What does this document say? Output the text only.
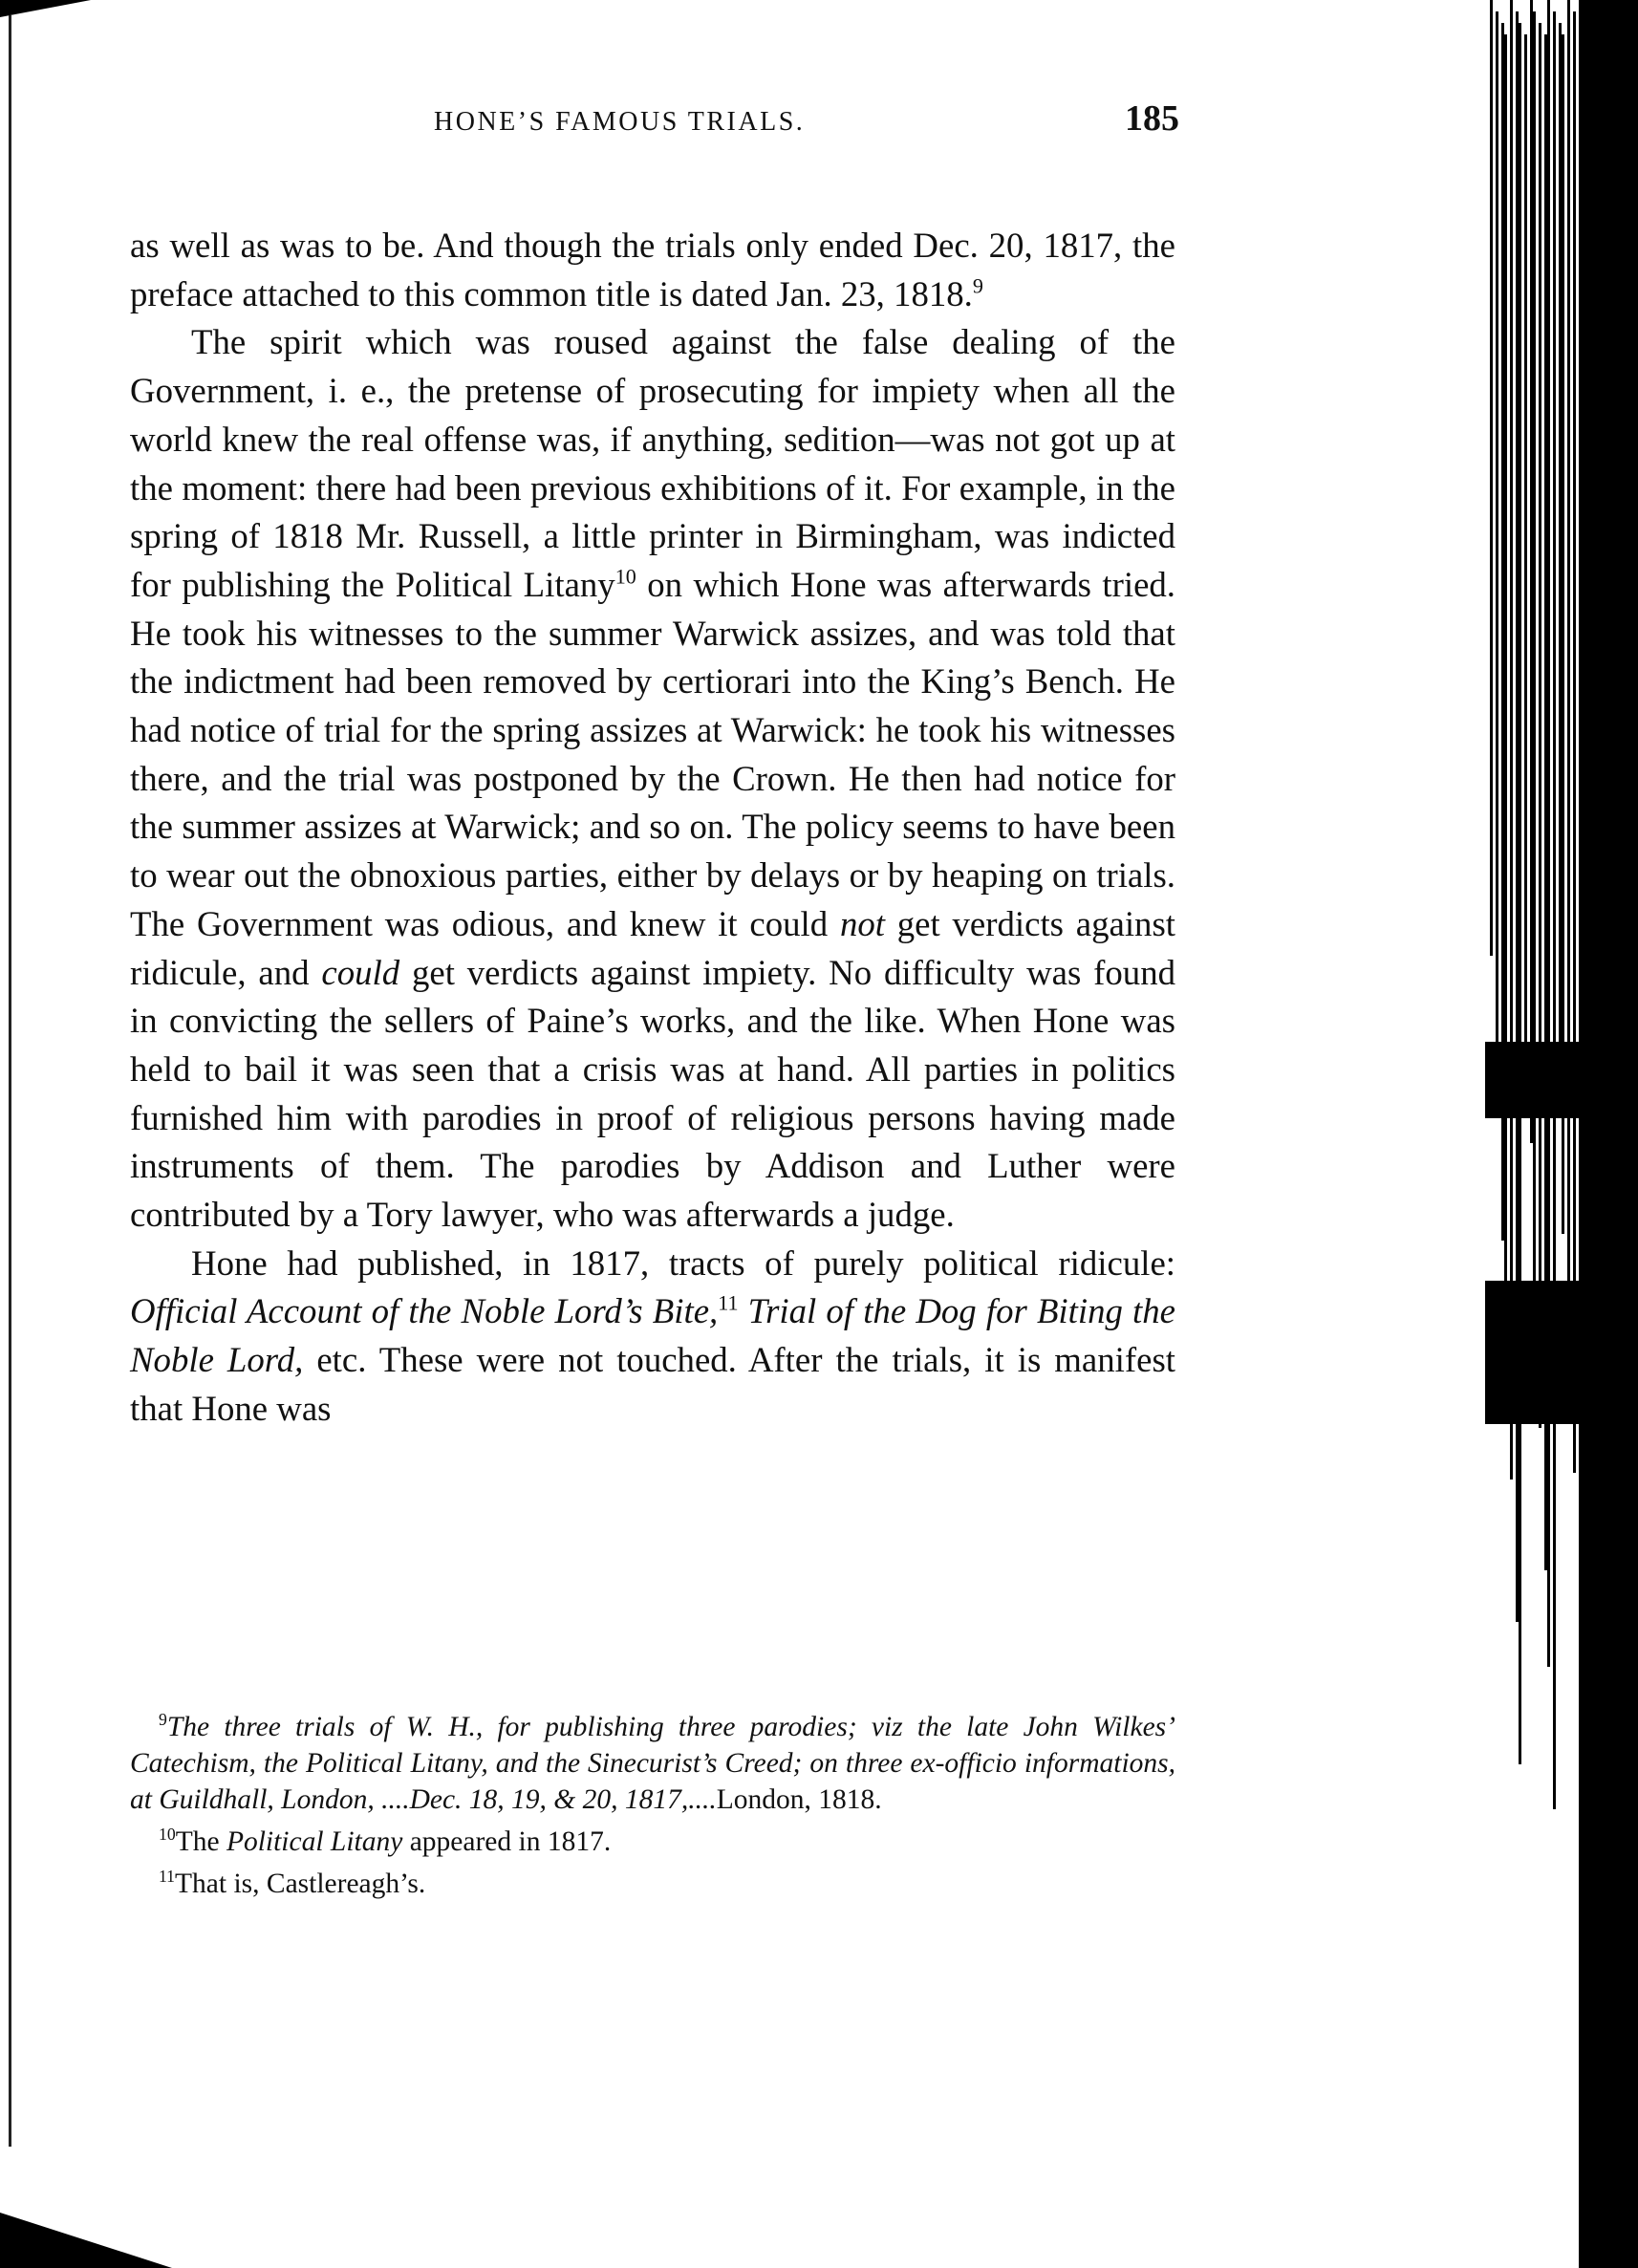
HONE’S FAMOUS TRIALS.	185

as well as was to be. And though the trials only ended Dec. 20, 1817, the preface attached to this common title is dated Jan. 23, 1818.$^9$

The spirit which was roused against the false dealing of the Government, i. e., the pretense of prosecuting for impiety when all the world knew the real offense was, if anything, sedition—was not got up at the moment: there had been previous exhibitions of it. For example, in the spring of 1818 Mr. Russell, a little printer in Birmingham, was indicted for publishing the Political Litany$^{10}$ on which Hone was afterwards tried. He took his witnesses to the summer Warwick assizes, and was told that the indictment had been removed by certiorari into the King’s Bench. He had notice of trial for the spring assizes at Warwick: he took his witnesses there, and the trial was postponed by the Crown. He then had notice for the summer assizes at Warwick; and so on. The policy seems to have been to wear out the obnoxious parties, either by delays or by heaping on trials. The Government was odious, and knew it could not get verdicts against ridicule, and could get verdicts against impiety. No difficulty was found in convicting the sellers of Paine’s works, and the like. When Hone was held to bail it was seen that a crisis was at hand. All parties in politics furnished him with parodies in proof of religious persons having made instruments of them. The parodies by Addison and Luther were contributed by a Tory lawyer, who was afterwards a judge.

Hone had published, in 1817, tracts of purely political ridicule: Official Account of the Noble Lord’s Bite,$^{11}$ Trial of the Dog for Biting the Noble Lord, etc. These were not touched. After the trials, it is manifest that Hone was

$^9$The three trials of W. H., for publishing three parodies; viz the late John Wilkes’ Catechism, the Political Litany, and the Sinecurist’s Creed; on three ex-officio informations, at Guildhall, London, ....Dec. 18, 19, & 20, 1817,....London, 1818.

$^{10}$The Political Litany appeared in 1817.

$^{11}$That is, Castlereagh’s.
